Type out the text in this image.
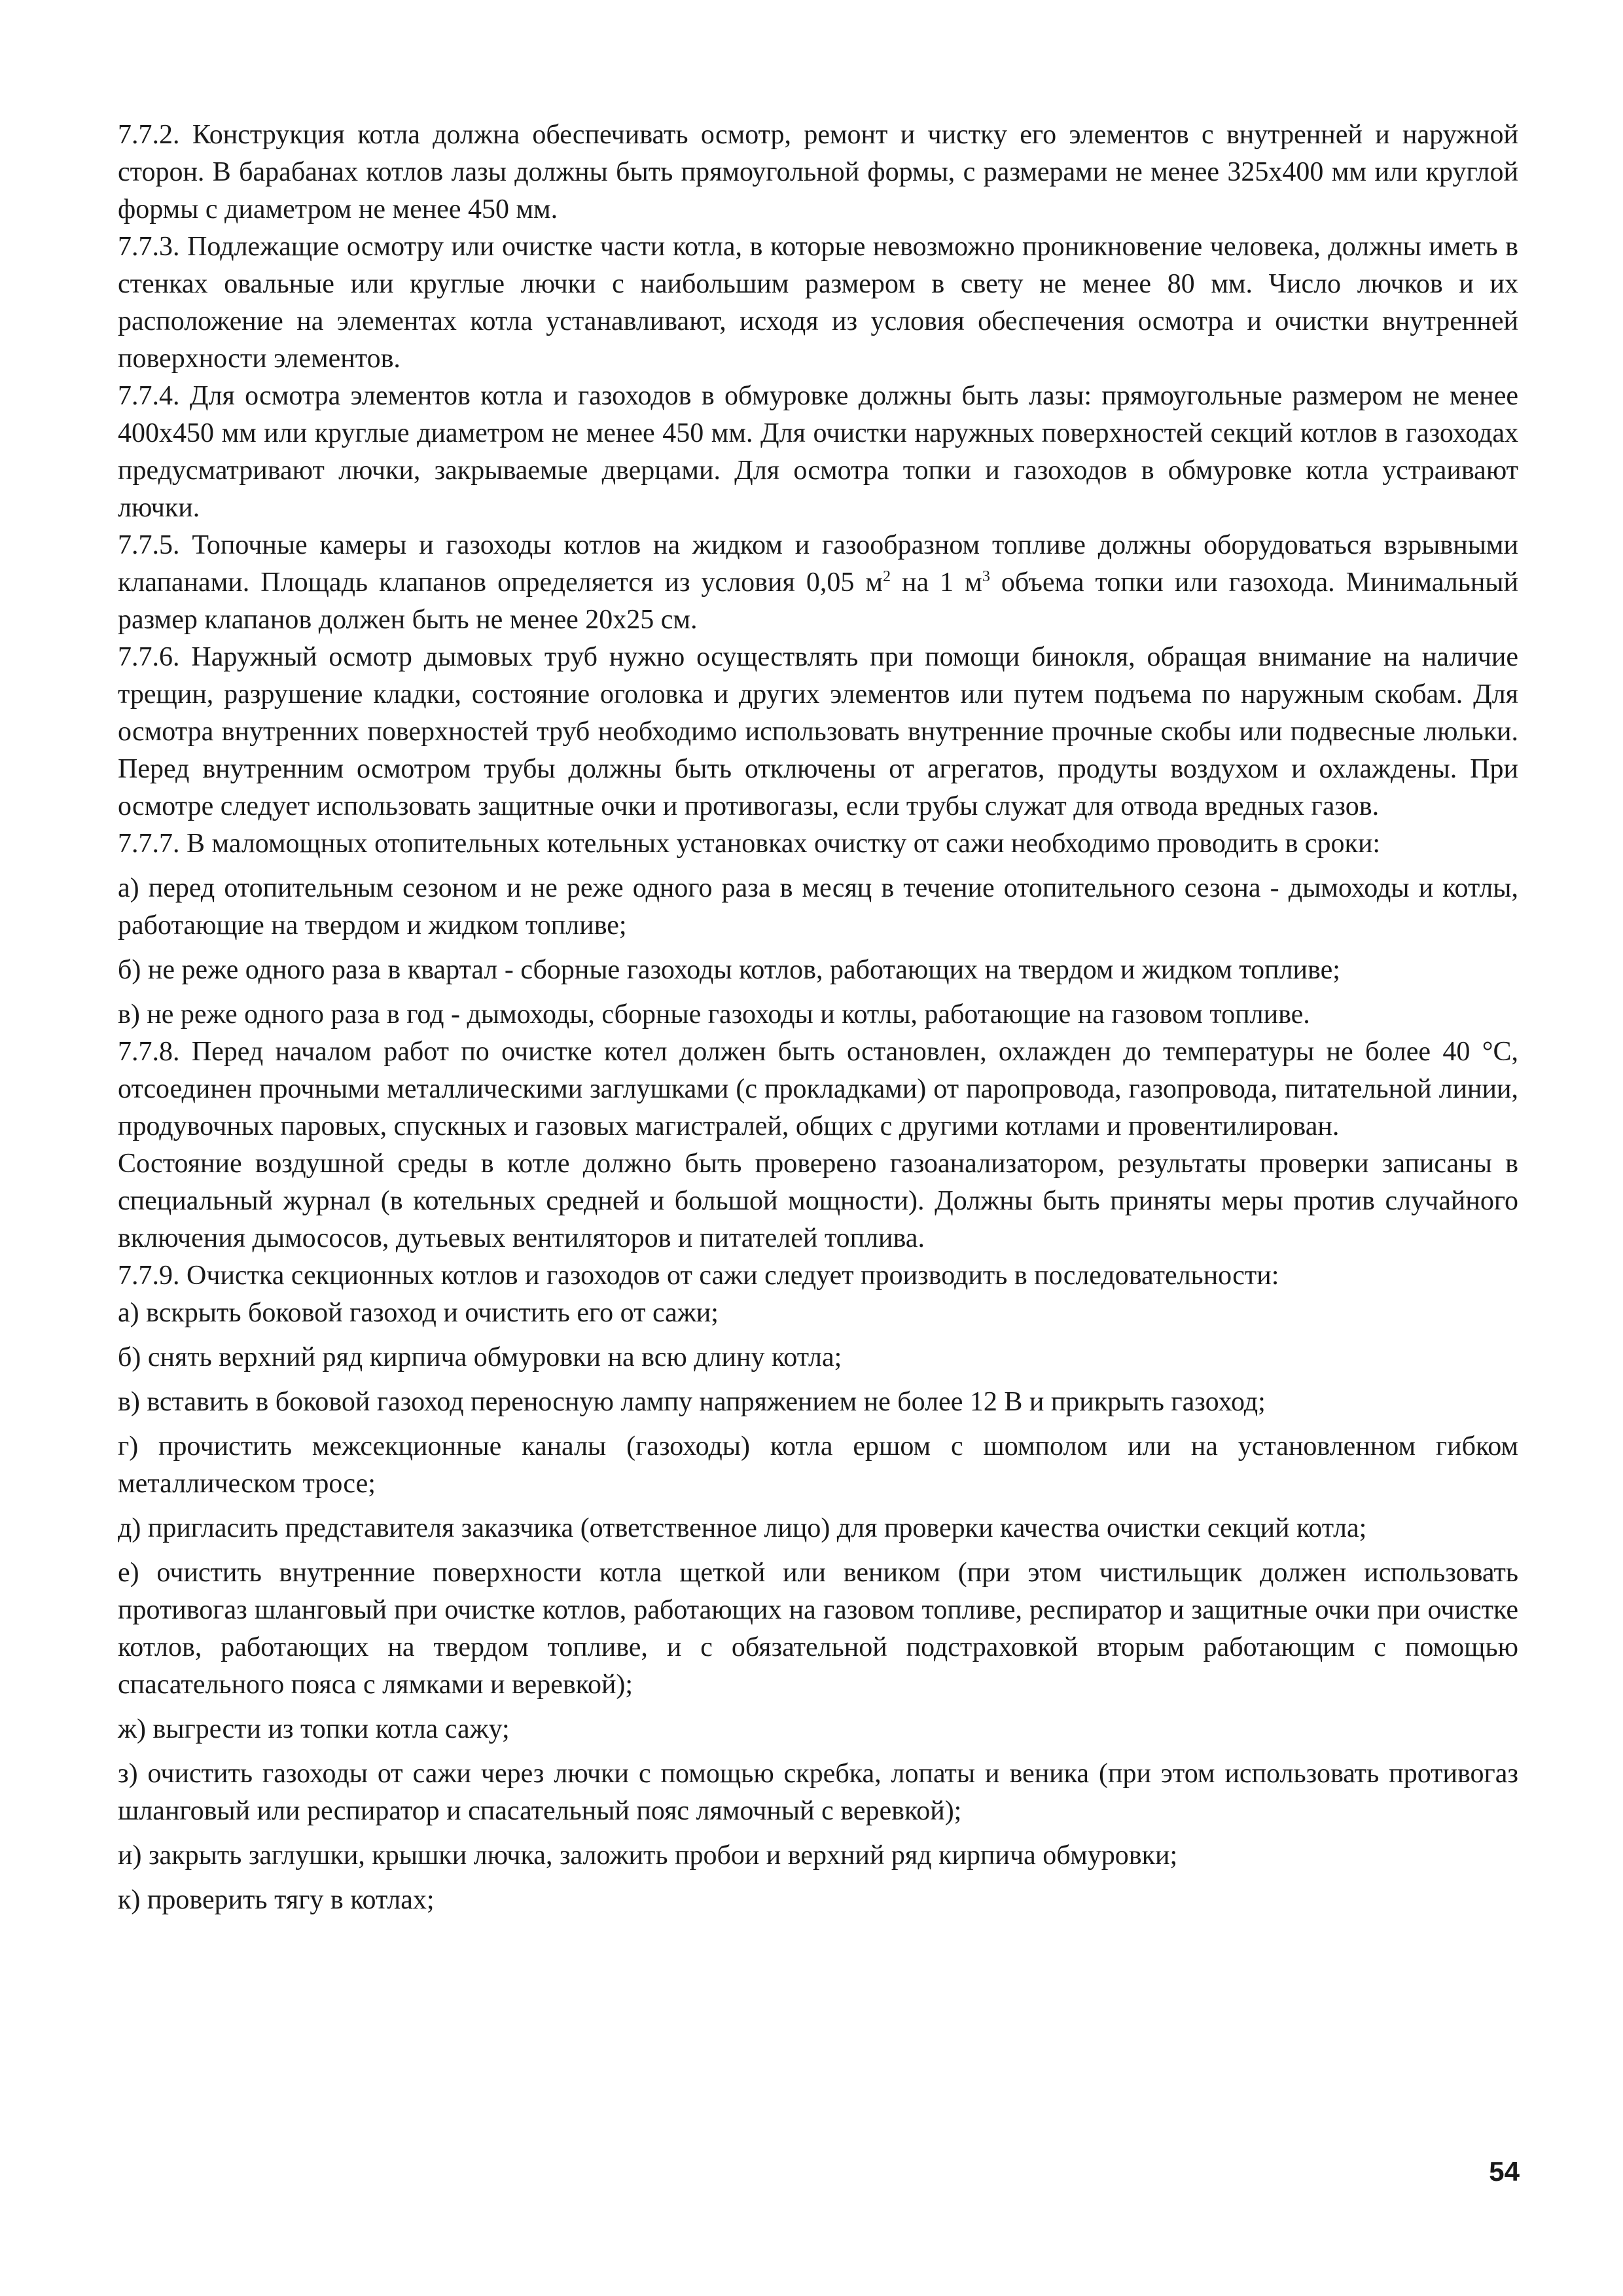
7.7.2. Конструкция котла должна обеспечивать осмотр, ремонт и чистку его элементов с внутренней и наружной сторон. В барабанах котлов лазы должны быть прямоугольной формы, с размерами не менее 325x400 мм или круглой формы с диаметром не менее 450 мм.

7.7.3. Подлежащие осмотру или очистке части котла, в которые невозможно проникновение человека, должны иметь в стенках овальные или круглые лючки с наибольшим размером в свету не менее 80 мм. Число лючков и их расположение на элементах котла устанавливают, исходя из условия обеспечения осмотра и очистки внутренней поверхности элементов.

7.7.4. Для осмотра элементов котла и газоходов в обмуровке должны быть лазы: прямоугольные размером не менее 400x450 мм или круглые диаметром не менее 450 мм. Для очистки наружных поверхностей секций котлов в газоходах предусматривают лючки, закрываемые дверцами. Для осмотра топки и газоходов в обмуровке котла устраивают лючки.

7.7.5. Топочные камеры и газоходы котлов на жидком и газообразном топливе должны оборудоваться взрывными клапанами. Площадь клапанов определяется из условия 0,05 $м^2$ на 1 $м^3$ объема топки или газохода. Минимальный размер клапанов должен быть не менее 20x25 см.

7.7.6. Наружный осмотр дымовых труб нужно осуществлять при помощи бинокля, обращая внимание на наличие трещин, разрушение кладки, состояние оголовка и других элементов или путем подъема по наружным скобам. Для осмотра внутренних поверхностей труб необходимо использовать внутренние прочные скобы или подвесные люльки. Перед внутренним осмотром трубы должны быть отключены от агрегатов, продуты воздухом и охлаждены. При осмотре следует использовать защитные очки и противогазы, если трубы служат для отвода вредных газов.

7.7.7. В маломощных отопительных котельных установках очистку от сажи необходимо проводить в сроки:

а) перед отопительным сезоном и не реже одного раза в месяц в течение отопительного сезона - дымоходы и котлы, работающие на твердом и жидком топливе;

б) не реже одного раза в квартал - сборные газоходы котлов, работающих на твердом и жидком топливе;

в) не реже одного раза в год - дымоходы, сборные газоходы и котлы, работающие на газовом топливе.

7.7.8. Перед началом работ по очистке котел должен быть остановлен, охлажден до температуры не более 40 °С, отсоединен прочными металлическими заглушками (с прокладками) от паропровода, газопровода, питательной линии, продувочных паровых, спускных и газовых магистралей, общих с другими котлами и провентилирован.

Состояние воздушной среды в котле должно быть проверено газоанализатором, результаты проверки записаны в специальный журнал (в котельных средней и большой мощности). Должны быть приняты меры против случайного включения дымососов, дутьевых вентиляторов и питателей топлива.

7.7.9. Очистка секционных котлов и газоходов от сажи следует производить в последовательности:

а) вскрыть боковой газоход и очистить его от сажи;

б) снять верхний ряд кирпича обмуровки на всю длину котла;

в) вставить в боковой газоход переносную лампу напряжением не более 12 В и прикрыть газоход;

г) прочистить межсекционные каналы (газоходы) котла ершом с шомполом или на установленном гибком металлическом тросе;

д) пригласить представителя заказчика (ответственное лицо) для проверки качества очистки секций котла;

е) очистить внутренние поверхности котла щеткой или веником (при этом чистильщик должен использовать противогаз шланговый при очистке котлов, работающих на газовом топливе, респиратор и защитные очки при очистке котлов, работающих на твердом топливе, и с обязательной подстраховкой вторым работающим с помощью спасательного пояса с лямками и веревкой);

ж) выгрести из топки котла сажу;

з) очистить газоходы от сажи через лючки с помощью скребка, лопаты и веника (при этом использовать противогаз шланговый или респиратор и спасательный пояс лямочный с веревкой);

и) закрыть заглушки, крышки лючка, заложить пробои и верхний ряд кирпича обмуровки;

к) проверить тягу в котлах;

54
